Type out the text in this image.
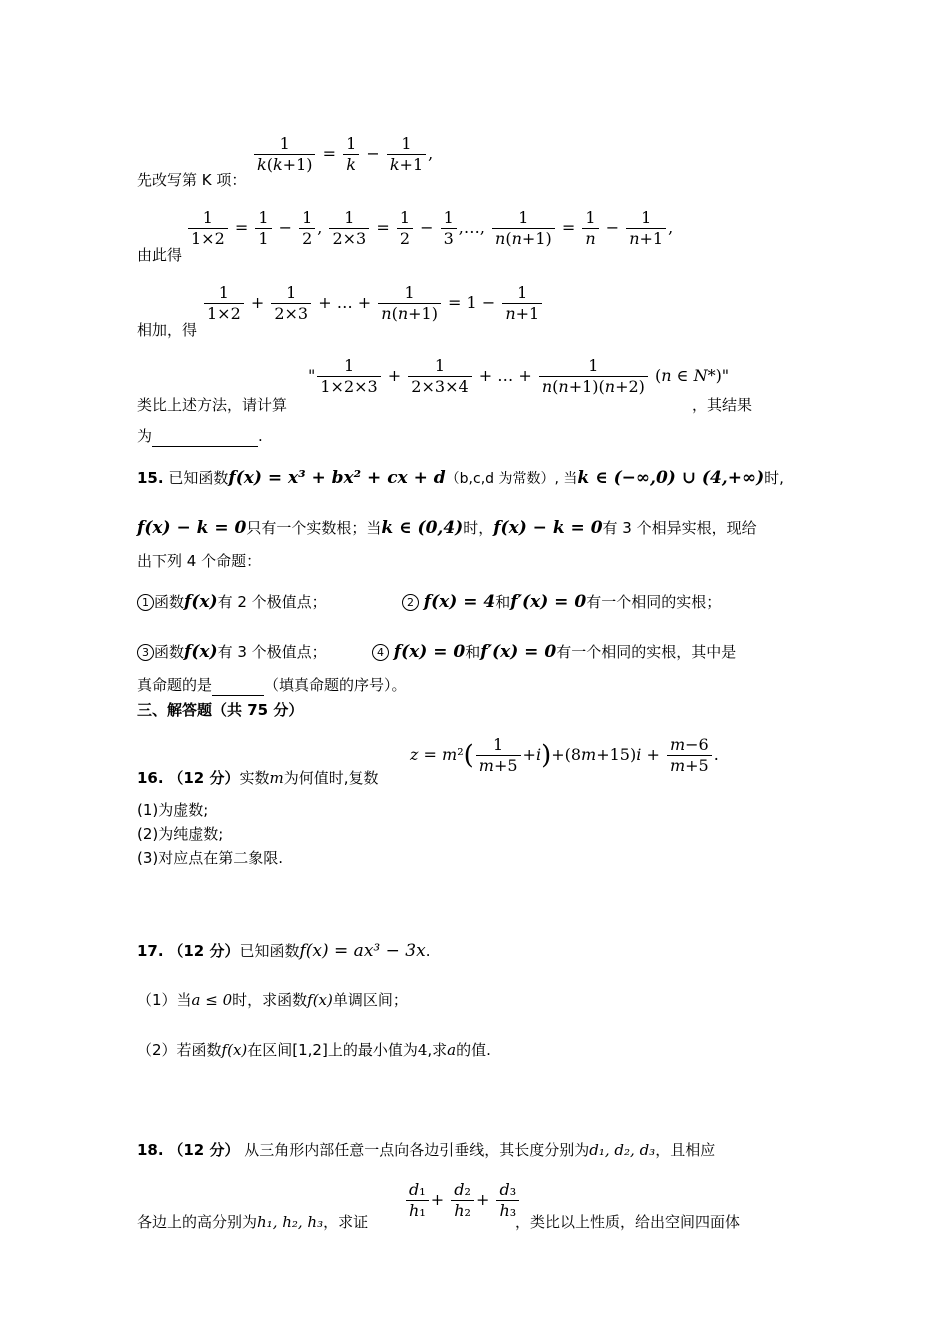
先改写第 K 项：
$\frac{1}{k(k+1)} = \frac{1}{k} - \frac{1}{k+1}$ ,
由此得
$\frac{1}{1\times 2} = \frac{1}{1} - \frac{1}{2}$ , $\frac{1}{2\times 3} = \frac{1}{2} - \frac{1}{3}$ ,…, $\frac{1}{n(n+1)} = \frac{1}{n} - \frac{1}{n+1}$ ,
相加，得
$\frac{1}{1\times 2} + \frac{1}{2\times 3}$ + … + $\frac{1}{n(n+1)} = 1 - \frac{1}{n+1}$
类比上述方法，请计算
" $\frac{1}{1\times 2\times 3} + \frac{1}{2\times 3\times 4}$ + … + $\frac{1}{n(n+1)(n+2)} (n$ ∈ N*)"
，其结果
为	.
15. 已知函数f(x) = x³ + bx² + cx + d（b,c,d 为常数）, 当k ∈ (−∞,0) ∪ (4,+∞)时,
f(x) − k = 0只有一个实数根；当k ∈ (0,4)时，f(x) − k = 0有 3 个相异实根，现给
出下列 4 个命题：
1 函数f(x)有 2 个极值点；	2 f(x) = 4和f′(x) = 0有一个相同的实根；
3 函数f(x)有 3 个极值点；	4 f(x) = 0和f′(x) = 0有一个相同的实根，其中是
真命题的是	（填真命题的序号）。
三、解答题（共 75 分）
16. （12 分）实数m为何值时,复数
$z = m^2( \frac{1}{m+5} +i)+(8m+15)i + \frac{m-6}{m+5}$ .
(1)为虚数;
(2)为纯虚数;
(3)对应点在第二象限.
17. （12 分）已知函数f(x) = ax³ − 3x.
（1）当a ≤ 0时，求函数f(x)单调区间；
（2）若函数f(x)在区间[1,2]上的最小值为4,求a的值.
18. （12 分） 从三角形内部任意一点向各边引垂线，其长度分别为d₁, d₂, d₃，且相应
$\frac{\text{d₁}}{\text{h₁}} + \frac{\text{d₂}}{\text{h₂}} + \frac{\text{d₃}}{\text{h₃}}$
各边上的高分别为h₁, h₂, h₃，求证	，类比以上性质，给出空间四面体
